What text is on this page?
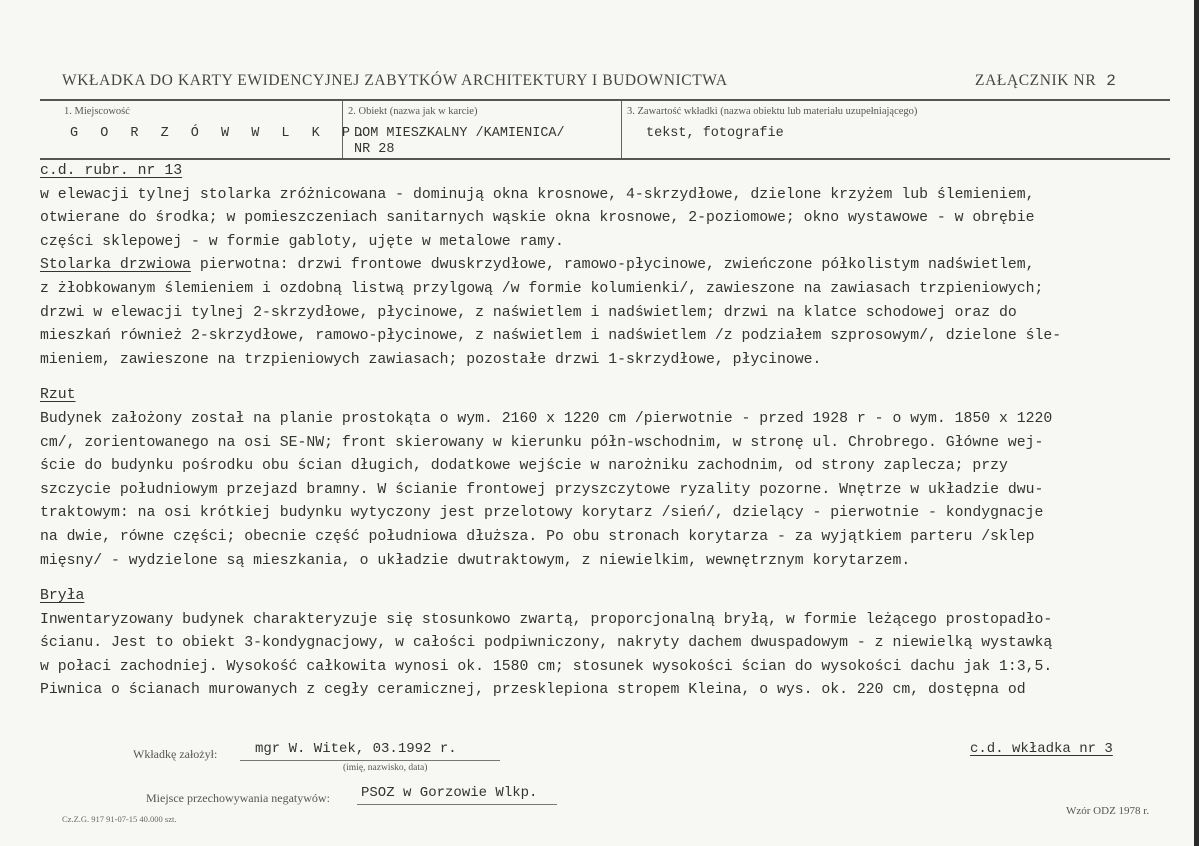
WKŁADKA DO KARTY EWIDENCYJNEJ ZABYTKÓW ARCHITEKTURY I BUDOWNICTWA	ZAŁĄCZNIK NR 2
1. Miejscowość
G O R Z Ó W W L K P.
2. Obiekt (nazwa jak w karcie)
DOM MIESZKALNY /KAMIENICA/
NR 28
3. Zawartość wkładki (nazwa obiektu lub materiału uzupełniającego)
tekst, fotografie
c.d. rubr. nr 13
w elewacji tylnej stolarka zróżnicowana - dominują okna krosnowe, 4-skrzydłowe, dzielone krzyżem lub ślemieniem,
otwierane do środka; w pomieszczeniach sanitarnych wąskie okna krosnowe, 2-poziomowe; okno wystawowe - w obrębie
części sklepowej - w formie gabloty, ujęte w metalowe ramy.
Stolarka drzwiowa pierwotna: drzwi frontowe dwuskrzydłowe, ramowo-płycinowe, zwieńczone półkolistym nadświetlem,
z żłobkowanym ślemieniem i ozdobną listwą przylgową /w formie kolumienki/, zawieszone na zawiasach trzpieniowych;
drzwi w elewacji tylnej 2-skrzydłowe, płycinowe, z naświetlem i nadświetlem; drzwi na klatce schodowej oraz do
mieszkań również 2-skrzydłowe, ramowo-płycinowe, z naświetlem i nadświetlem /z podziałem szprosowym/, dzielone śle-
mieniem, zawieszone na trzpieniowych zawiasach; pozostałe drzwi 1-skrzydłowe, płycinowe.
Rzut
Budynek założony został na planie prostokąta o wym. 2160 x 1220 cm /pierwotnie - przed 1928 r - o wym. 1850 x 1220
cm/, zorientowanego na osi SE-NW; front skierowany w kierunku półn-wschodnim, w stronę ul. Chrobrego. Główne wej-
ście do budynku pośrodku obu ścian długich, dodatkowe wejście w narożniku zachodnim, od strony zaplecza; przy
szczycie południowym przejazd bramny. W ścianie frontowej przyszczytowe ryzality pozorne. Wnętrze w układzie dwu-
traktowym: na osi krótkiej budynku wytyczony jest przelotowy korytarz /sień/, dzielący - pierwotnie - kondygnacje
na dwie, równe części; obecnie część południowa dłuższa. Po obu stronach korytarza - za wyjątkiem parteru /sklep
mięsny/ - wydzielone są mieszkania, o układzie dwutraktowym, z niewielkim, wewnętrznym korytarzem.
Bryła
Inwentaryzowany budynek charakteryzuje się stosunkowo zwartą, proporcjonalną bryłą, w formie leżącego prostopadło-
ścianu. Jest to obiekt 3-kondygnacjowy, w całości podpiwniczony, nakryty dachem dwuspadowym - z niewielką wystawką
w połaci zachodniej. Wysokość całkowita wynosi ok. 1580 cm; stosunek wysokości ścian do wysokości dachu jak 1:3,5.
Piwnica o ścianach murowanych z cegły ceramicznej, przesklepiona stropem Kleina, o wys. ok. 220 cm, dostępna od
Wkładkę założył:	mgr W. Witek, 03.1992 r.
(imię, nazwisko, data)
c.d. wkładka nr 3
Miejsce przechowywania negatywów: PSOZ w Gorzowie Wlkp.
Cz.Z.G. 917 91-07-15 40.000 szt.
Wzór ODZ 1978 r.
